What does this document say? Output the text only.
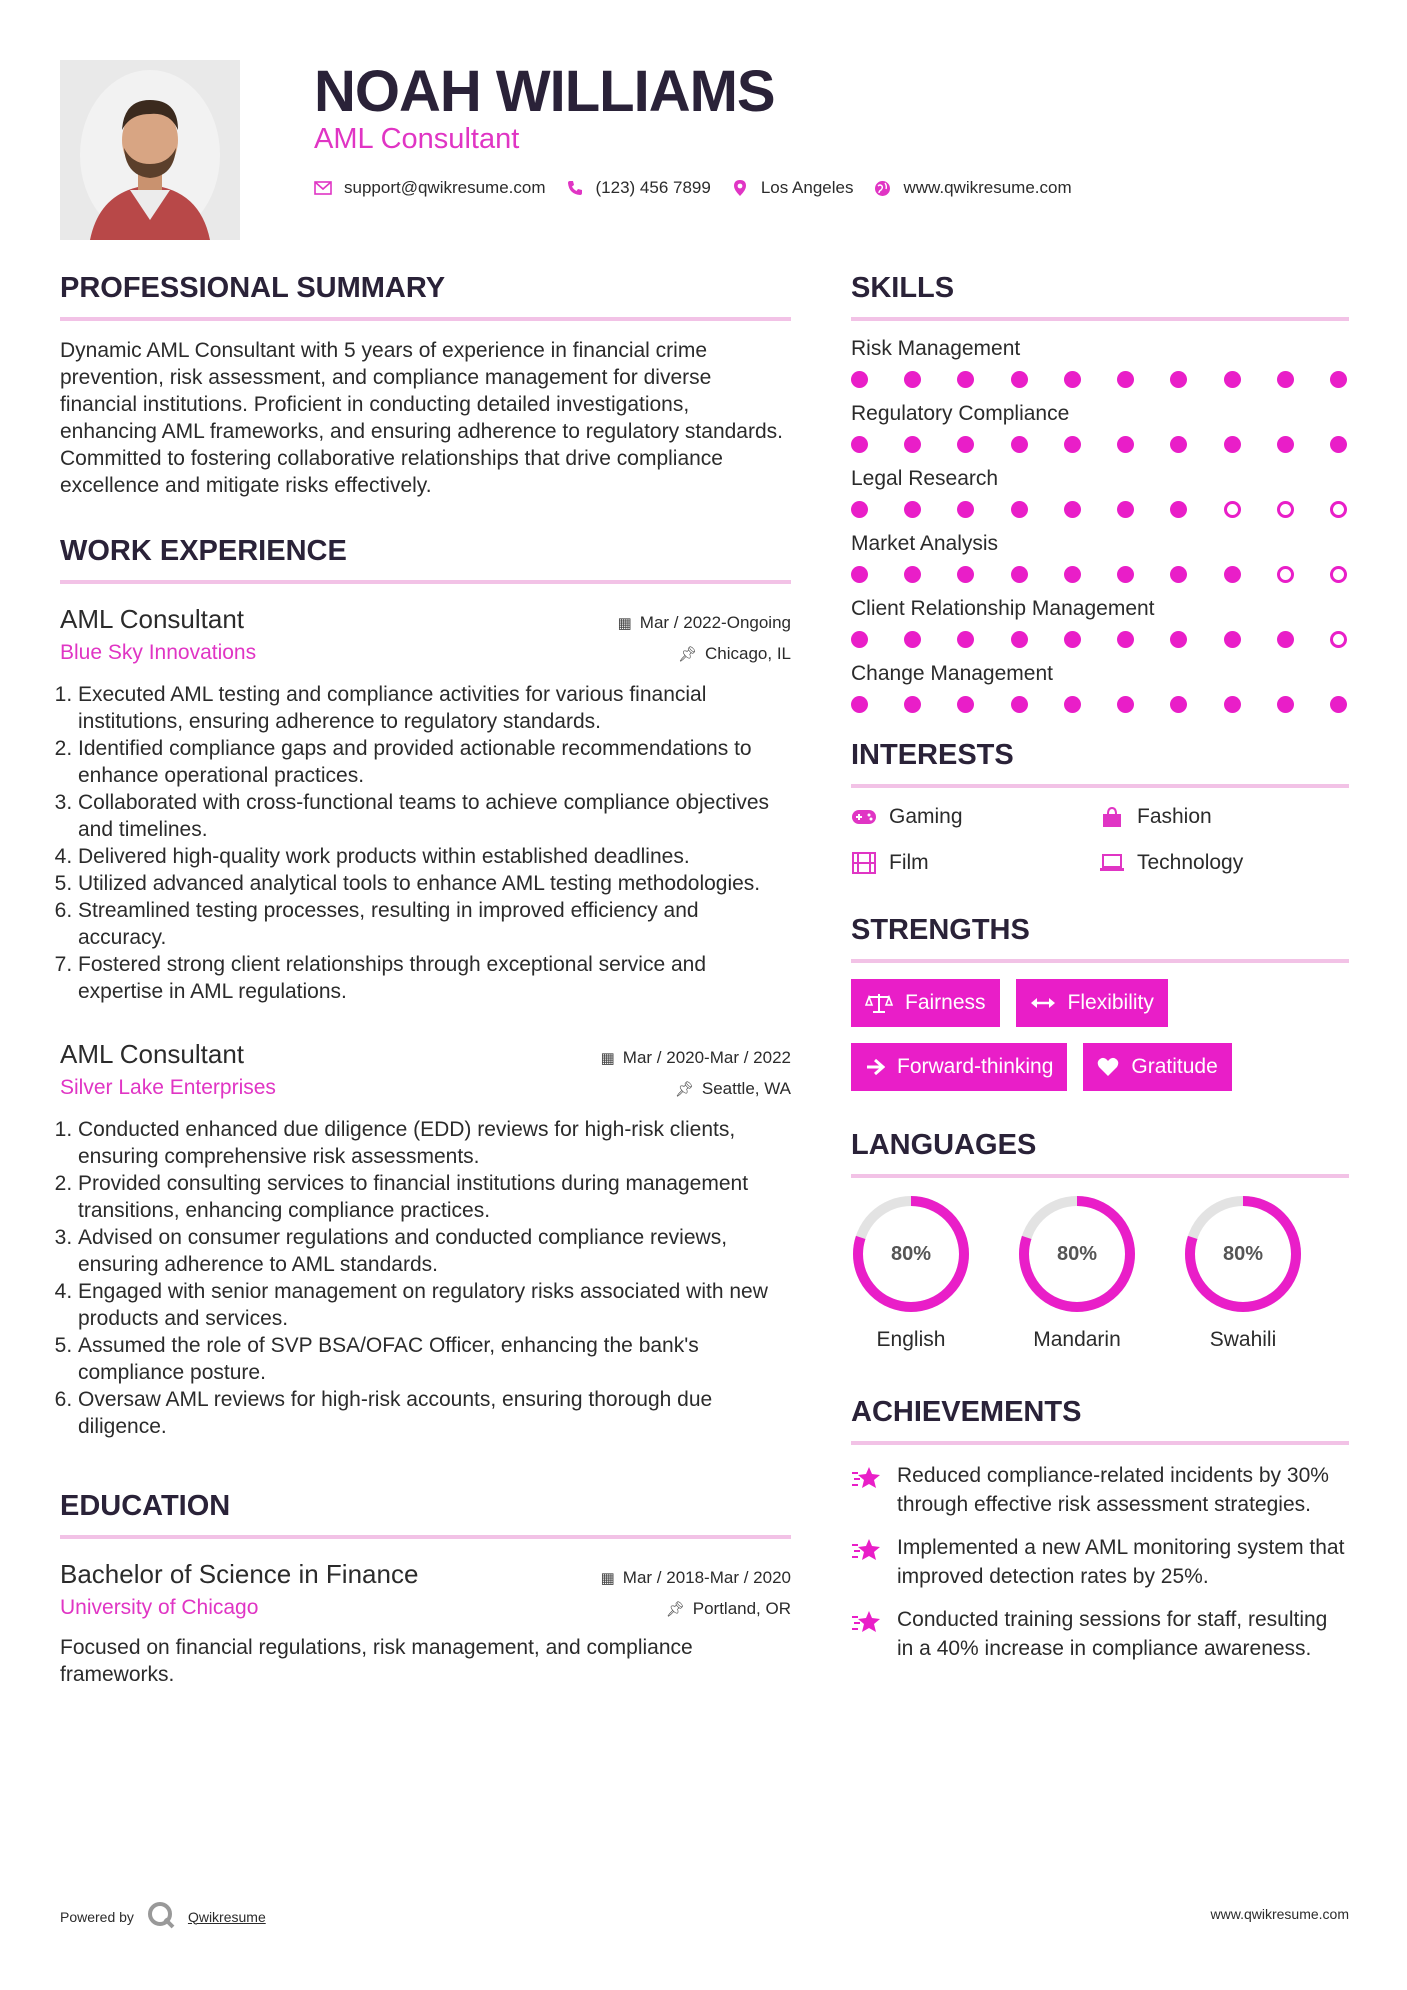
NOAH WILLIAMS
AML Consultant
support@qwikresume.com	(123) 456 7899	Los Angeles	www.qwikresume.com
PROFESSIONAL SUMMARY

Dynamic AML Consultant with 5 years of experience in financial crime prevention, risk assessment, and compliance management for diverse financial institutions. Proficient in conducting detailed investigations, enhancing AML frameworks, and ensuring adherence to regulatory standards. Committed to fostering collaborative relationships that drive compliance excellence and mitigate risks effectively.

WORK EXPERIENCE
AML Consultant	▦ Mar / 2022-Ongoing
Blue Sky Innovations	📌︎ Chicago, IL
1. Executed AML testing and compliance activities for various financial institutions, ensuring adherence to regulatory standards.
2. Identified compliance gaps and provided actionable recommendations to enhance operational practices.
3. Collaborated with cross-functional teams to achieve compliance objectives and timelines.
4. Delivered high-quality work products within established deadlines.
5. Utilized advanced analytical tools to enhance AML testing methodologies.
6. Streamlined testing processes, resulting in improved efficiency and accuracy.
7. Fostered strong client relationships through exceptional service and expertise in AML regulations.
AML Consultant	▦ Mar / 2020-Mar / 2022
Silver Lake Enterprises	📌︎ Seattle, WA
1. Conducted enhanced due diligence (EDD) reviews for high-risk clients, ensuring comprehensive risk assessments.
2. Provided consulting services to financial institutions during management transitions, enhancing compliance practices.
3. Advised on consumer regulations and conducted compliance reviews, ensuring adherence to AML standards.
4. Engaged with senior management on regulatory risks associated with new products and services.
5. Assumed the role of SVP BSA/OFAC Officer, enhancing the bank's compliance posture.
6. Oversaw AML reviews for high-risk accounts, ensuring thorough due diligence.
EDUCATION
Bachelor of Science in Finance	▦ Mar / 2018-Mar / 2020
University of Chicago	📌︎ Portland, OR

Focused on financial regulations, risk management, and compliance frameworks.

SKILLS
Risk Management
Regulatory Compliance
Legal Research
Market Analysis
Client Relationship Management
Change Management
INTERESTS
Gaming	Fashion
Film	Technology
STRENGTHS
Fairness	Flexibility
Forward-thinking	Gratitude
LANGUAGES
80%
English
80%
Mandarin
80%
Swahili
ACHIEVEMENTS
Reduced compliance-related incidents by 30% through effective risk assessment strategies.
Implemented a new AML monitoring system that improved detection rates by 25%.
Conducted training sessions for staff, resulting in a 40% increase in compliance awareness.
Powered by	Qwikresume	www.qwikresume.com
